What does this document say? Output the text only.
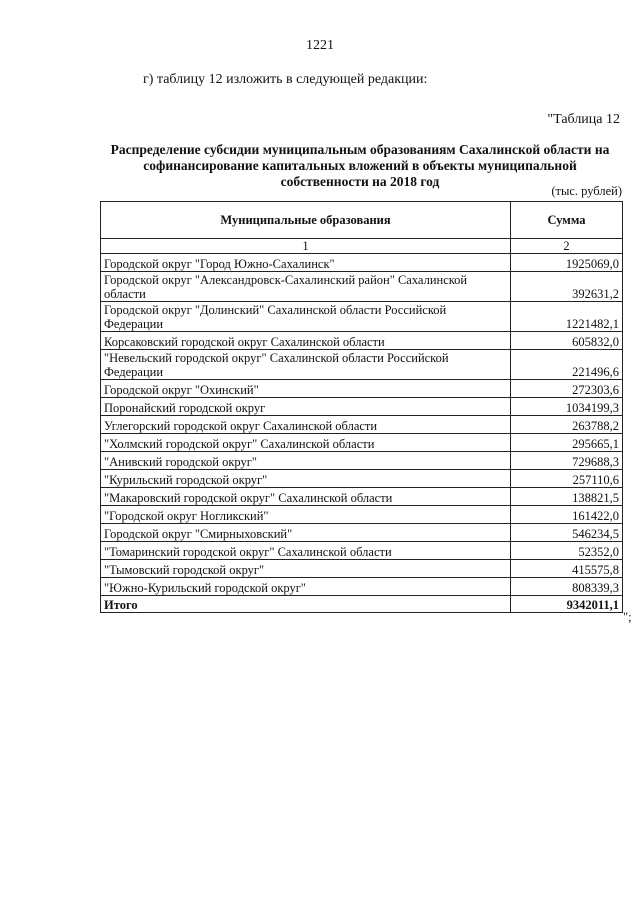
1221
г) таблицу 12 изложить в следующей редакции:
"Таблица 12
Распределение субсидии муниципальным образованиям Сахалинской области на софинансирование капитальных вложений в объекты муниципальной собственности на 2018 год
(тыс. рублей)
Муниципальные образования	Сумма
1	2
Городской округ "Город Южно-Сахалинск"	1925069,0
Городской округ "Александровск-Сахалинский район" Сахалинской области	392631,2
Городской округ "Долинский" Сахалинской области Российской Федерации	1221482,1
Корсаковский городской округ Сахалинской области	605832,0
"Невельский городской округ" Сахалинской области Российской Федерации	221496,6
Городской округ "Охинский"	272303,6
Поронайский городской округ	1034199,3
Углегорский городской округ Сахалинской области	263788,2
"Холмский городской округ" Сахалинской области	295665,1
"Анивский городской округ"	729688,3
"Курильский городской округ"	257110,6
"Макаровский городской округ" Сахалинской области	138821,5
"Городской округ Ногликский"	161422,0
Городской округ "Смирныховский"	546234,5
"Томаринский городской округ" Сахалинской области	52352,0
"Тымовский городской округ"	415575,8
"Южно-Курильский городской округ"	808339,3
Итого	9342011,1
";
